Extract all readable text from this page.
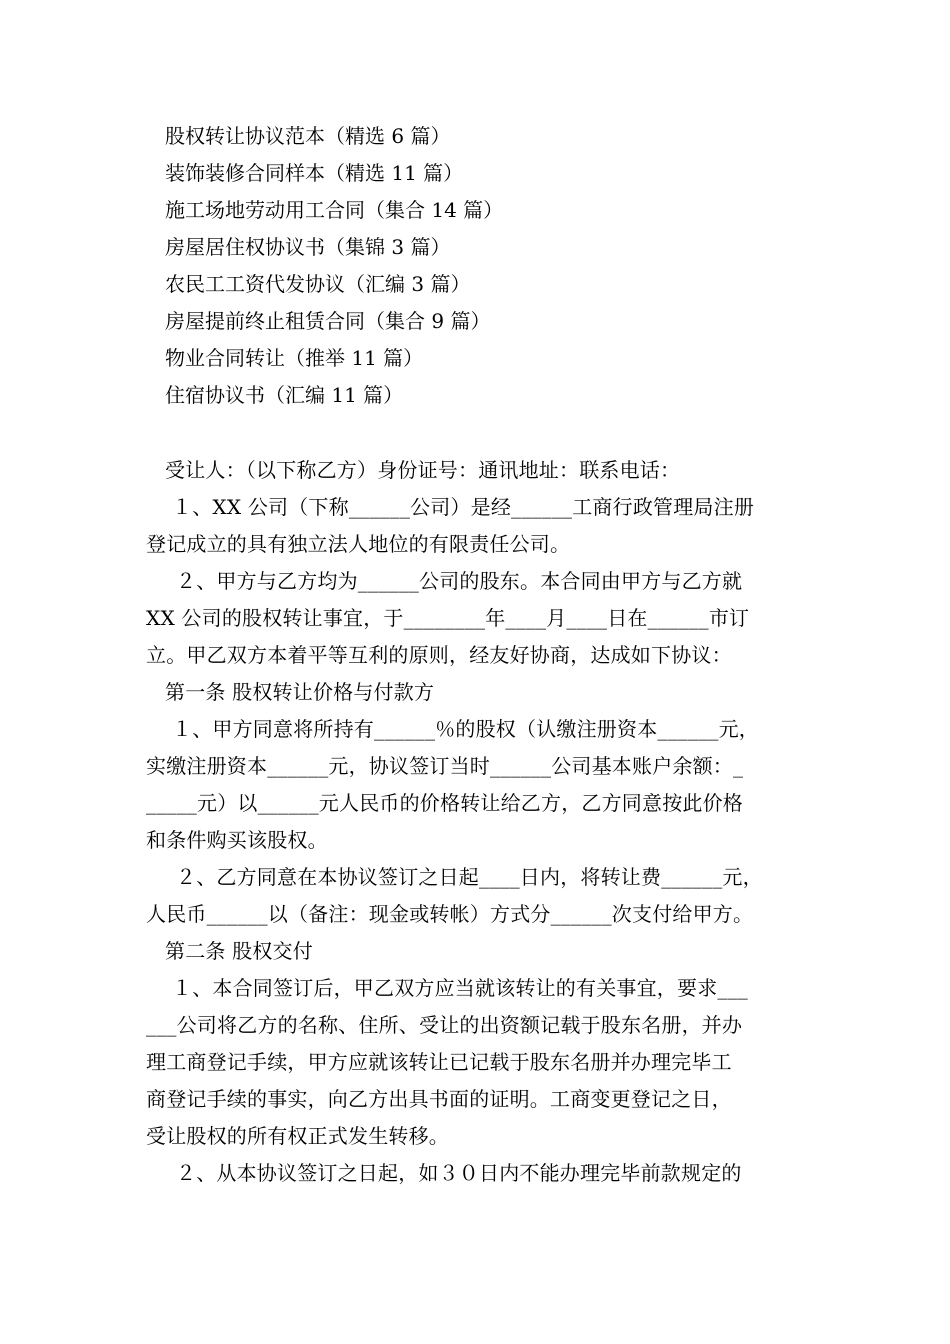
股权转让协议范本（精选 6 篇）
装饰装修合同样本（精选 11 篇）
施工场地劳动用工合同（集合 14 篇）
房屋居住权协议书（集锦 3 篇）
农民工工资代发协议（汇编 3 篇）
房屋提前终止租赁合同（集合 9 篇）
物业合同转让（推举 11 篇）
住宿协议书（汇编 11 篇）
受让人：（以下称乙方）身份证号：通讯地址：联系电话：
１、XX 公司（下称______公司）是经______工商行政管理局注册
登记成立的具有独立法人地位的有限责任公司。
２、甲方与乙方均为______公司的股东。本合同由甲方与乙方就
XX 公司的股权转让事宜，于________年____月____日在______市订
立。甲乙双方本着平等互利的原则，经友好协商，达成如下协议：
第一条 股权转让价格与付款方
１、甲方同意将所持有______％的股权（认缴注册资本______元，
实缴注册资本______元，协议签订当时______公司基本账户余额：_
_____元）以______元人民币的价格转让给乙方，乙方同意按此价格
和条件购买该股权。
２、乙方同意在本协议签订之日起____日内，将转让费______元，
人民币______以（备注：现金或转帐）方式分______次支付给甲方。
第二条 股权交付
１、本合同签订后，甲乙双方应当就该转让的有关事宜，要求___
___公司将乙方的名称、住所、受让的出资额记载于股东名册，并办
理工商登记手续，甲方应就该转让已记载于股东名册并办理完毕工
商登记手续的事实，向乙方出具书面的证明。工商变更登记之日，
受让股权的所有权正式发生转移。
２、从本协议签订之日起，如３０日内不能办理完毕前款规定的
